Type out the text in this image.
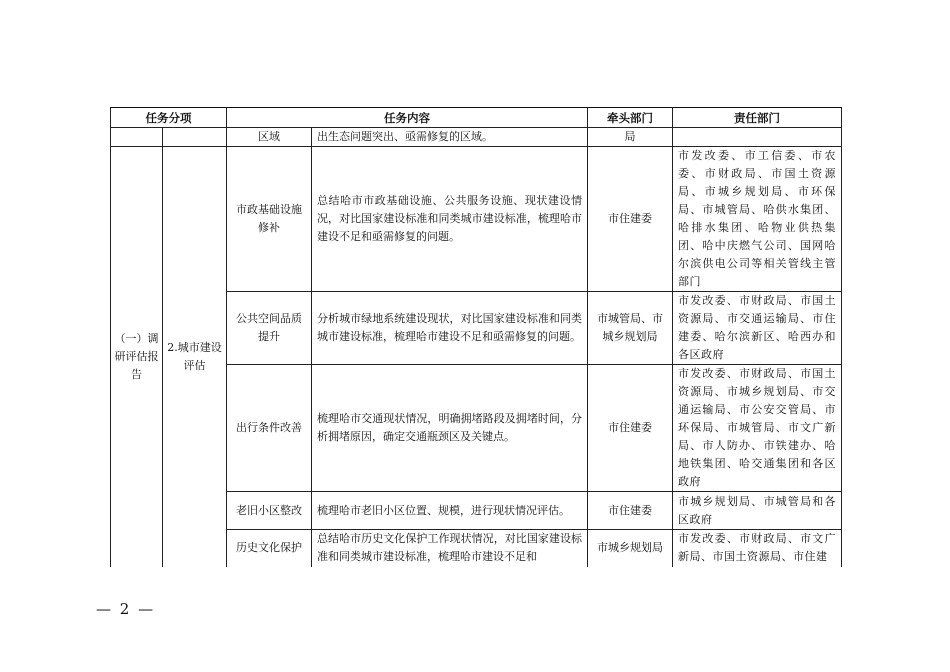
任务分项		任务内容		牵头部门	责任部门
		区域	出生态问题突出、亟需修复的区域。	局	
（一）调研评估报告	2.城市建设评估	市政基础设施修补	总结哈市市政基础设施、公共服务设施、现状建设情况，对比国家建设标准和同类城市建设标准，梳理哈市建设不足和亟需修复的问题。	市住建委	市发改委、市工信委、市农委、市财政局、市国土资源局、市城乡规划局、市环保局、市城管局、哈供水集团、哈排水集团、哈物业供热集团、哈中庆燃气公司、国网哈尔滨供电公司等相关管线主管部门
		公共空间品质提升	分析城市绿地系统建设现状，对比国家建设标准和同类城市建设标准，梳理哈市建设不足和亟需修复的问题。	市城管局、市城乡规划局	市发改委、市财政局、市国土资源局、市交通运输局、市住建委、哈尔滨新区、哈西办和各区政府
		出行条件改善	梳理哈市交通现状情况，明确拥堵路段及拥堵时间，分析拥堵原因，确定交通瓶颈区及关键点。	市住建委	市发改委、市财政局、市国土资源局、市城乡规划局、市交通运输局、市公安交管局、市环保局、市城管局、市文广新局、市人防办、市铁建办、哈地铁集团、哈交通集团和各区政府
		老旧小区整改	梳理哈市老旧小区位置、规模，进行现状情况评估。	市住建委	市城乡规划局、市城管局和各区政府
		历史文化保护	总结哈市历史文化保护工作现状情况，对比国家建设标准和同类城市建设标准，梳理哈市建设不足和	市城乡规划局	市发改委、市财政局、市文广新局、市国土资源局、市住建
— 2 —
